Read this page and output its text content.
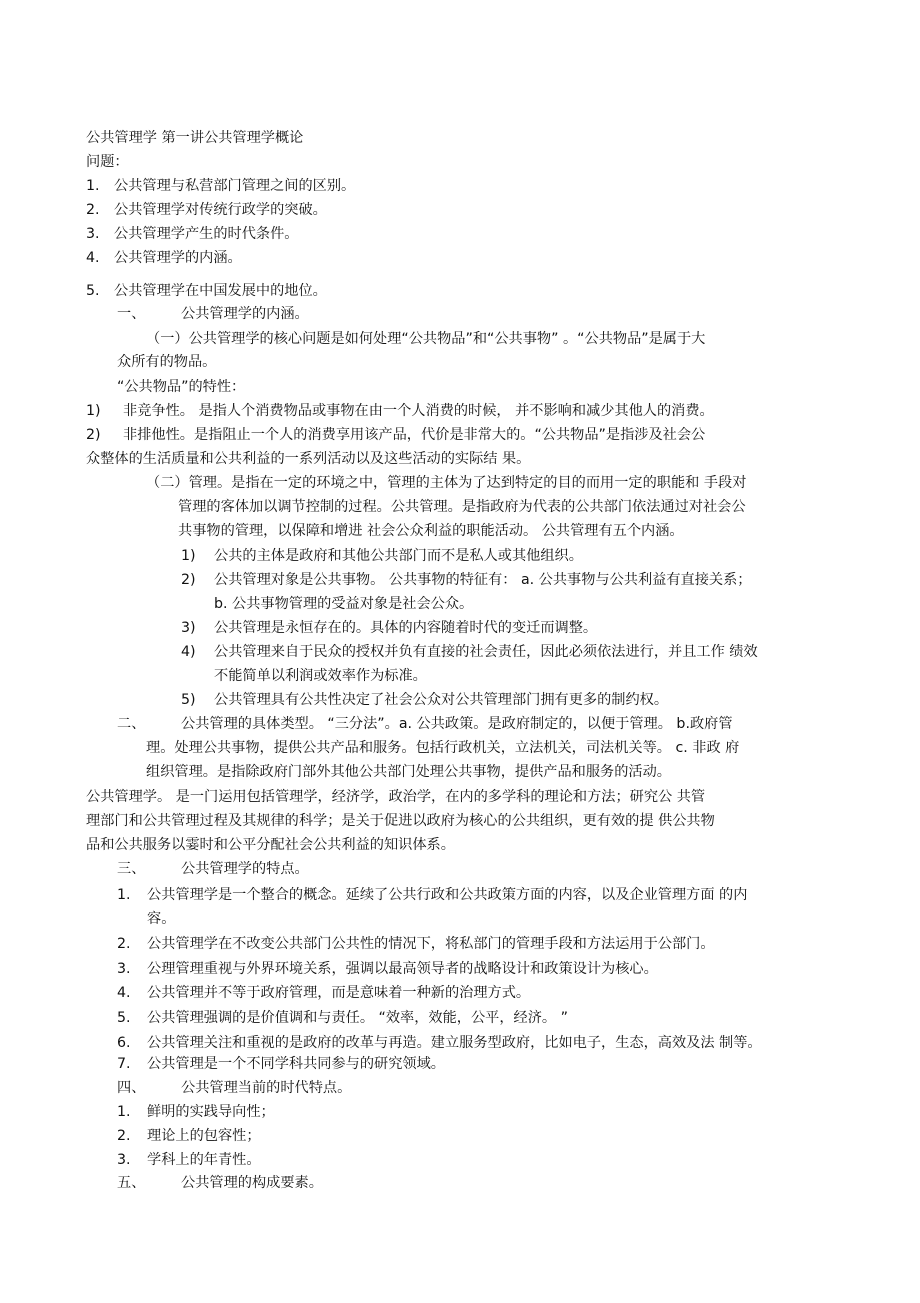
公共管理学 第一讲公共管理学概论
问题：
1. 公共管理与私营部门管理之间的区别。
2. 公共管理学对传统行政学的突破。
3. 公共管理学产生的时代条件。
4. 公共管理学的内涵。
5. 公共管理学在中国发展中的地位。
一、	公共管理学的内涵。
（一）公共管理学的核心问题是如何处理“公共物品”和“公共事物” 。“公共物品”是属于大
众所有的物品。
“公共物品”的特性：
1) 非竞争性。 是指人个消费物品或事物在由一个人消费的时候， 并不影响和减少其他人的消费。
2) 非排他性。是指阻止一个人的消费享用该产品，代价是非常大的。“公共物品”是指涉及社会公
众整体的生活质量和公共利益的一系列活动以及这些活动的实际结 果。
（二）管理。是指在一定的环境之中，管理的主体为了达到特定的目的而用一定的职能和 手段对
管理的客体加以调节控制的过程。公共管理。是指政府为代表的公共部门依法通过对社会公
共事物的管理，以保障和增进 社会公众利益的职能活动。 公共管理有五个内涵。
1) 公共的主体是政府和其他公共部门而不是私人或其他组织。
2) 公共管理对象是公共事物。 公共事物的特征有： a. 公共事物与公共利益有直接关系；
b. 公共事物管理的受益对象是社会公众。
3) 公共管理是永恒存在的。具体的内容随着时代的变迁而调整。
4) 公共管理来自于民众的授权并负有直接的社会责任，因此必须依法进行，并且工作 绩效
不能简单以利润或效率作为标准。
5) 公共管理具有公共性决定了社会公众对公共管理部门拥有更多的制约权。
二、	公共管理的具体类型。 “三分法”。a. 公共政策。是政府制定的，以便于管理。 b.政府管
理。处理公共事物，提供公共产品和服务。包括行政机关，立法机关，司法机关等。 c. 非政 府
组织管理。是指除政府门部外其他公共部门处理公共事物，提供产品和服务的活动。
公共管理学。 是一门运用包括管理学，经济学，政治学，在内的多学科的理论和方法；研究公 共管
理部门和公共管理过程及其规律的科学；是关于促进以政府为核心的公共组织，更有效的提 供公共物
品和公共服务以霎时和公平分配社会公共利益的知识体系。
三、	公共管理学的特点。
1. 公共管理学是一个整合的概念。延续了公共行政和公共政策方面的内容，以及企业管理方面 的内
容。
2. 公共管理学在不改变公共部门公共性的情况下，将私部门的管理手段和方法运用于公部门。
3. 公理管理重视与外界环境关系，强调以最高领导者的战略设计和政策设计为核心。
4. 公共管理并不等于政府管理，而是意味着一种新的治理方式。
5. 公共管理强调的是价值调和与责任。 “效率，效能，公平，经济。 ”
6. 公共管理关注和重视的是政府的改革与再造。建立服务型政府，比如电子，生态，高效及法 制等。
7. 公共管理是一个不同学科共同参与的研究领域。
四、	公共管理当前的时代特点。
1. 鲜明的实践导向性；
2. 理论上的包容性；
3. 学科上的年青性。
五、	公共管理的构成要素。
